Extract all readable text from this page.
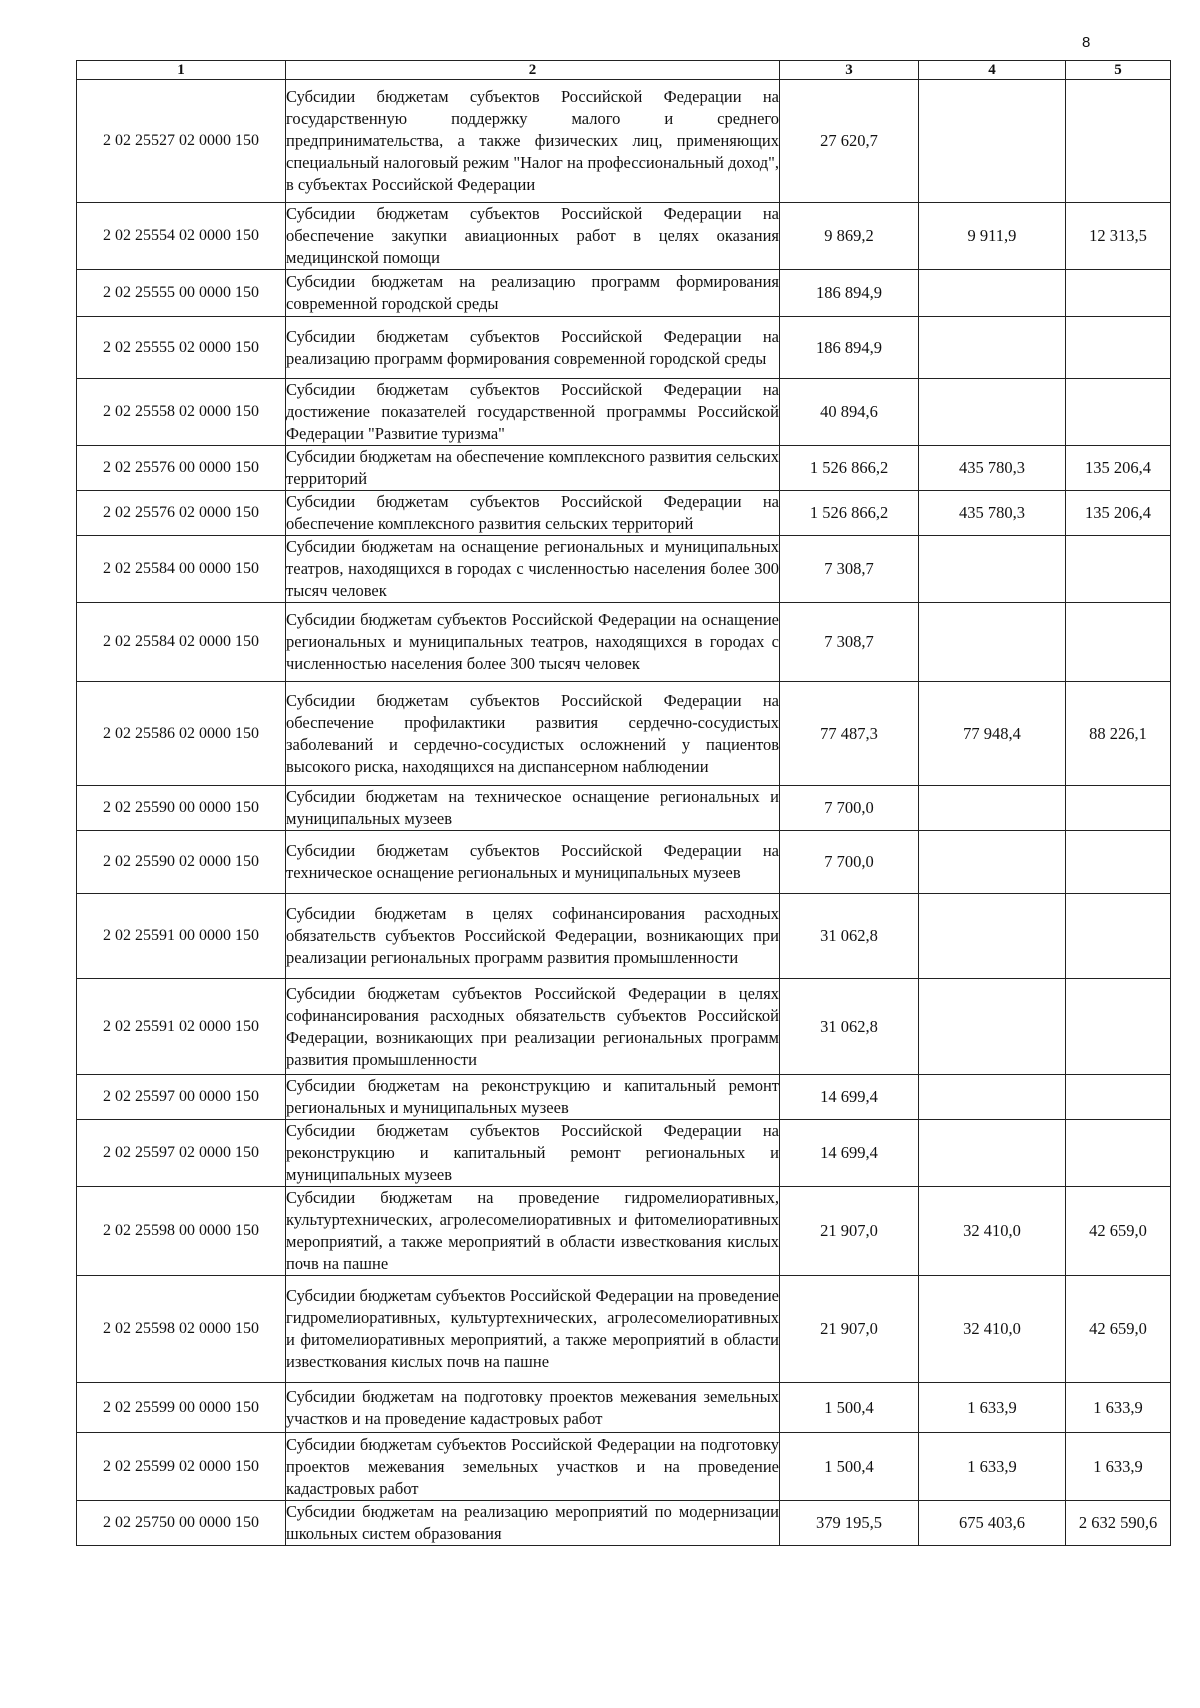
8
1	2	3	4	5
2 02 25527 02 0000 150	Субсидии бюджетам субъектов Российской Федерации на государственную поддержку малого и среднего предпринимательства, а также физических лиц, применяющих специальный налоговый режим "Налог на профессиональный доход", в субъектах Российской Федерации	27 620,7		
2 02 25554 02 0000 150	Субсидии бюджетам субъектов Российской Федерации на обеспечение закупки авиационных работ в целях оказания медицинской помощи	9 869,2	9 911,9	12 313,5
2 02 25555 00 0000 150	Субсидии бюджетам на реализацию программ формирования современной городской среды	186 894,9		
2 02 25555 02 0000 150	Субсидии бюджетам субъектов Российской Федерации на реализацию программ формирования современной городской среды	186 894,9		
2 02 25558 02 0000 150	Субсидии бюджетам субъектов Российской Федерации на достижение показателей государственной программы Российской Федерации "Развитие туризма"	40 894,6		
2 02 25576 00 0000 150	Субсидии бюджетам на обеспечение комплексного развития сельских территорий	1 526 866,2	435 780,3	135 206,4
2 02 25576 02 0000 150	Субсидии бюджетам субъектов Российской Федерации на обеспечение комплексного развития сельских территорий	1 526 866,2	435 780,3	135 206,4
2 02 25584 00 0000 150	Субсидии бюджетам на оснащение региональных и муниципальных театров, находящихся в городах с численностью населения более 300 тысяч человек	7 308,7		
2 02 25584 02 0000 150	Субсидии бюджетам субъектов Российской Федерации на оснащение региональных и муниципальных театров, находящихся в городах с численностью населения более 300 тысяч человек	7 308,7		
2 02 25586 02 0000 150	Субсидии бюджетам субъектов Российской Федерации на обеспечение профилактики развития сердечно-сосудистых заболеваний и сердечно-сосудистых осложнений у пациентов высокого риска, находящихся на диспансерном наблюдении	77 487,3	77 948,4	88 226,1
2 02 25590 00 0000 150	Субсидии бюджетам на техническое оснащение региональных и муниципальных музеев	7 700,0		
2 02 25590 02 0000 150	Субсидии бюджетам субъектов Российской Федерации на техническое оснащение региональных и муниципальных музеев	7 700,0		
2 02 25591 00 0000 150	Субсидии бюджетам в целях софинансирования расходных обязательств субъектов Российской Федерации, возникающих при реализации региональных программ развития промышленности	31 062,8		
2 02 25591 02 0000 150	Субсидии бюджетам субъектов Российской Федерации в целях софинансирования расходных обязательств субъектов Российской Федерации, возникающих при реализации региональных программ развития промышленности	31 062,8		
2 02 25597 00 0000 150	Субсидии бюджетам на реконструкцию и капитальный ремонт региональных и муниципальных музеев	14 699,4		
2 02 25597 02 0000 150	Субсидии бюджетам субъектов Российской Федерации на реконструкцию и капитальный ремонт региональных и муниципальных музеев	14 699,4		
2 02 25598 00 0000 150	Субсидии бюджетам на проведение гидромелиоративных, культуртехнических, агролесомелиоративных и фитомелиоративных мероприятий, а также мероприятий в области известкования кислых почв на пашне	21 907,0	32 410,0	42 659,0
2 02 25598 02 0000 150	Субсидии бюджетам субъектов Российской Федерации на проведение гидромелиоративных, культуртехнических, агролесомелиоративных и фитомелиоративных мероприятий, а также мероприятий в области известкования кислых почв на пашне	21 907,0	32 410,0	42 659,0
2 02 25599 00 0000 150	Субсидии бюджетам на подготовку проектов межевания земельных участков и на проведение кадастровых работ	1 500,4	1 633,9	1 633,9
2 02 25599 02 0000 150	Субсидии бюджетам субъектов Российской Федерации на подготовку проектов межевания земельных участков и на проведение кадастровых работ	1 500,4	1 633,9	1 633,9
2 02 25750 00 0000 150	Субсидии бюджетам на реализацию мероприятий по модернизации школьных систем образования	379 195,5	675 403,6	2 632 590,6
